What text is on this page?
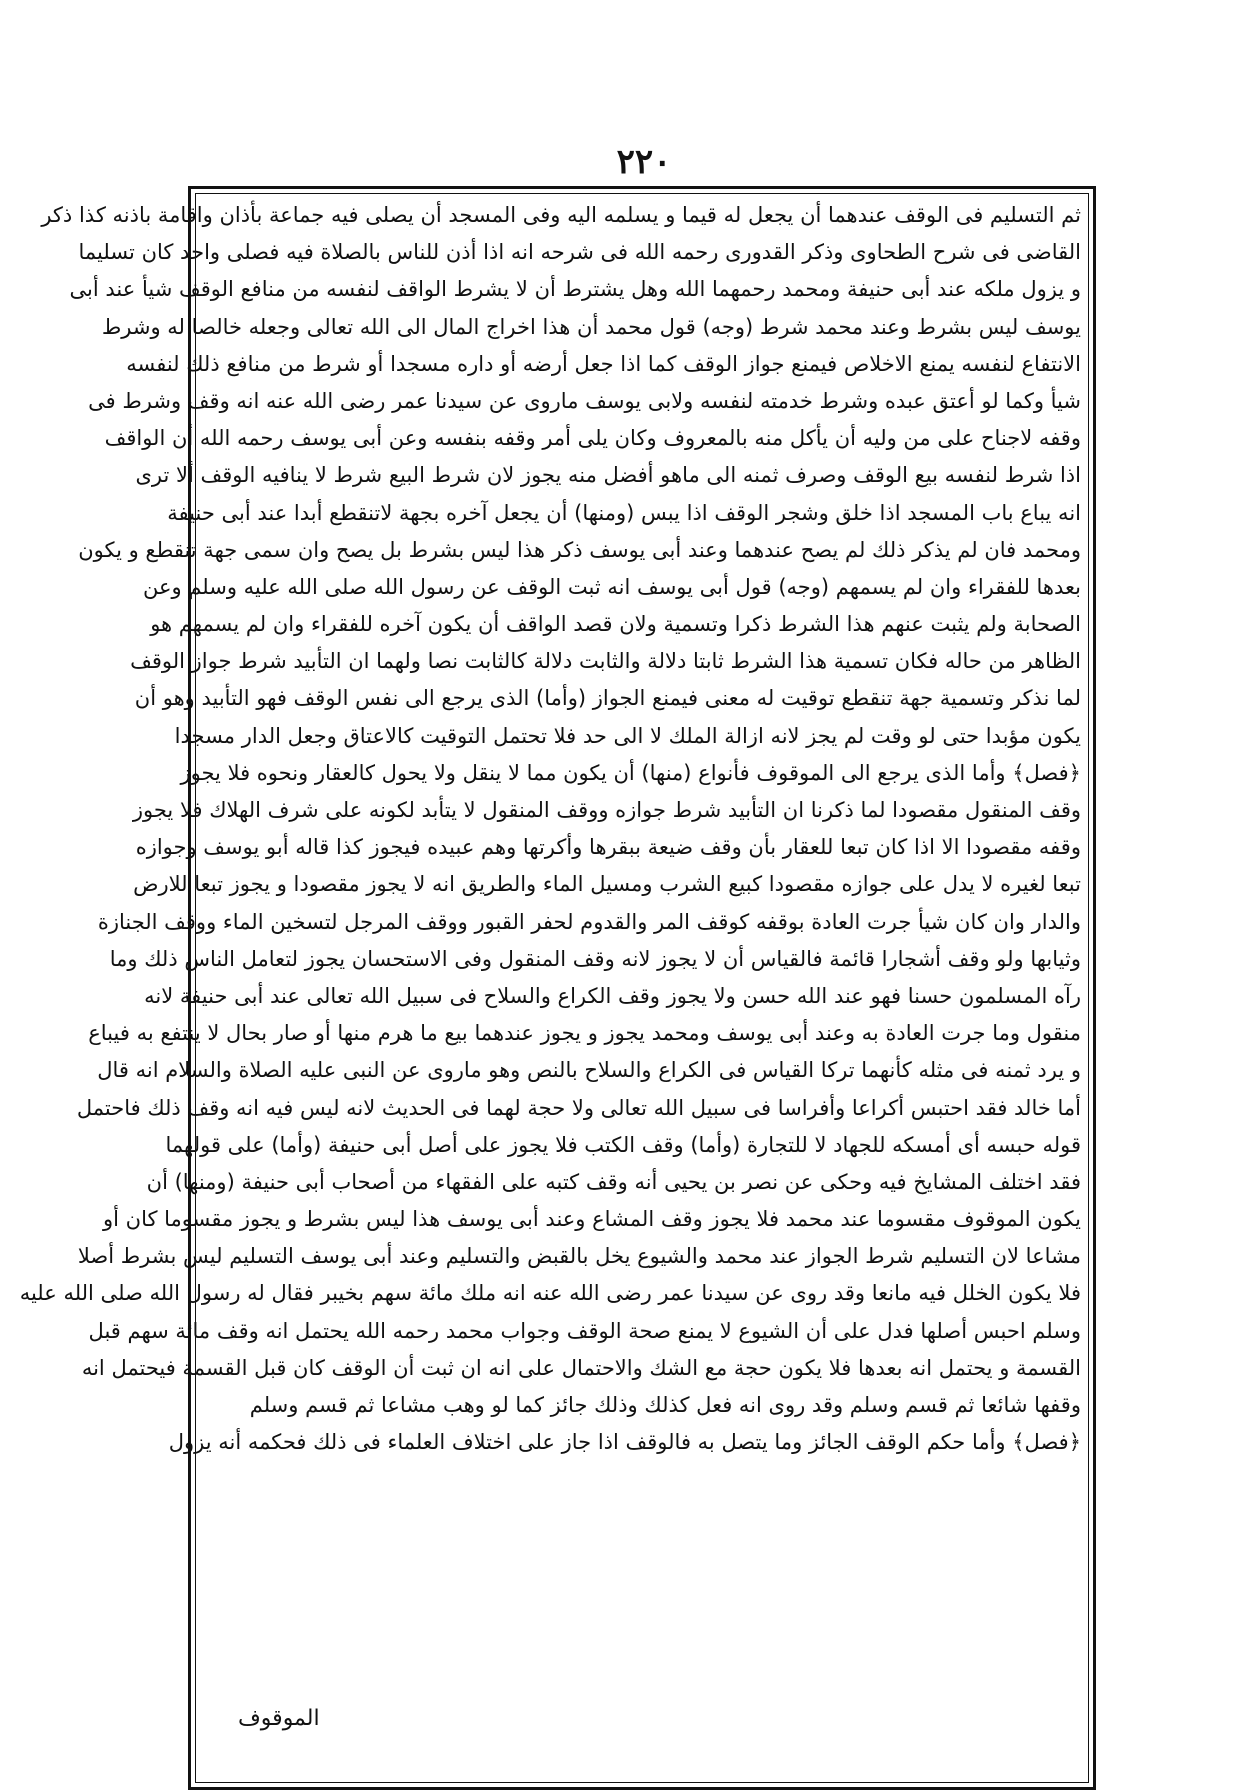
٢٢٠
ثم التسليم فى الوقف عندهما أن يجعل له قيما و يسلمه اليه وفى المسجد أن يصلى فيه جماعة بأذان واقامة باذنه كذا ذكر
القاضى فى شرح الطحاوى وذكر القدورى رحمه الله فى شرحه انه اذا أذن للناس بالصلاة فيه فصلى واحد كان تسليما
و يزول ملكه عند أبى حنيفة ومحمد رحمهما الله وهل يشترط أن لا يشرط الواقف لنفسه من منافع الوقف شيأ عند أبى
يوسف ليس بشرط وعند محمد شرط (وجه) قول محمد أن هذا اخراج المال الى الله تعالى وجعله خالصا له وشرط
الانتفاع لنفسه يمنع الاخلاص فيمنع جواز الوقف كما اذا جعل أرضه أو داره مسجدا أو شرط من منافع ذلك لنفسه
شيأ وكما لو أعتق عبده وشرط خدمته لنفسه ولابى يوسف ماروى عن سيدنا عمر رضى الله عنه انه وقف وشرط فى
وقفه لاجناح على من وليه أن يأكل منه بالمعروف وكان يلى أمر وقفه بنفسه وعن أبى يوسف رحمه الله أن الواقف
اذا شرط لنفسه بيع الوقف وصرف ثمنه الى ماهو أفضل منه يجوز لان شرط البيع شرط لا ينافيه الوقف ألا ترى
انه يباع باب المسجد اذا خلق وشجر الوقف اذا يبس (ومنها) أن يجعل آخره بجهة لاتنقطع أبدا عند أبى حنيفة
ومحمد فان لم يذكر ذلك لم يصح عندهما وعند أبى يوسف ذكر هذا ليس بشرط بل يصح وان سمى جهة تنقطع و يكون
بعدها للفقراء وان لم يسمهم (وجه) قول أبى يوسف انه ثبت الوقف عن رسول الله صلى الله عليه وسلم وعن
الصحابة ولم يثبت عنهم هذا الشرط ذكرا وتسمية ولان قصد الواقف أن يكون آخره للفقراء وان لم يسمهم هو
الظاهر من حاله فكان تسمية هذا الشرط ثابتا دلالة والثابت دلالة كالثابت نصا ولهما ان التأبيد شرط جواز الوقف
لما نذكر وتسمية جهة تنقطع توقيت له معنى فيمنع الجواز (وأما) الذى يرجع الى نفس الوقف فهو التأبيد وهو أن
يكون مؤبدا حتى لو وقت لم يجز لانه ازالة الملك لا الى حد فلا تحتمل التوقيت كالاعتاق وجعل الدار مسجدا
﴿فصل﴾ وأما الذى يرجع الى الموقوف فأنواع (منها) أن يكون مما لا ينقل ولا يحول كالعقار ونحوه فلا يجوز
وقف المنقول مقصودا لما ذكرنا ان التأبيد شرط جوازه ووقف المنقول لا يتأبد لكونه على شرف الهلاك فلا يجوز
وقفه مقصودا الا اذا كان تبعا للعقار بأن وقف ضيعة ببقرها وأكرتها وهم عبيده فيجوز كذا قاله أبو يوسف وجوازه
تبعا لغيره لا يدل على جوازه مقصودا كبيع الشرب ومسيل الماء والطريق انه لا يجوز مقصودا و يجوز تبعا للارض
والدار وان كان شيأ جرت العادة بوقفه كوقف المر والقدوم لحفر القبور ووقف المرجل لتسخين الماء ووقف الجنازة
وثيابها ولو وقف أشجارا قائمة فالقياس أن لا يجوز لانه وقف المنقول وفى الاستحسان يجوز لتعامل الناس ذلك وما
رآه المسلمون حسنا فهو عند الله حسن ولا يجوز وقف الكراع والسلاح فى سبيل الله تعالى عند أبى حنيفة لانه
منقول وما جرت العادة به وعند أبى يوسف ومحمد يجوز و يجوز عندهما بيع ما هرم منها أو صار بحال لا ينتفع به فيباع
و يرد ثمنه فى مثله كأنهما تركا القياس فى الكراع والسلاح بالنص وهو ماروى عن النبى عليه الصلاة والسلام انه قال
أما خالد فقد احتبس أكراعا وأفراسا فى سبيل الله تعالى ولا حجة لهما فى الحديث لانه ليس فيه انه وقف ذلك فاحتمل
قوله حبسه أى أمسكه للجهاد لا للتجارة (وأما) وقف الكتب فلا يجوز على أصل أبى حنيفة (وأما) على قولهما
فقد اختلف المشايخ فيه وحكى عن نصر بن يحيى أنه وقف كتبه على الفقهاء من أصحاب أبى حنيفة (ومنها) أن
يكون الموقوف مقسوما عند محمد فلا يجوز وقف المشاع وعند أبى يوسف هذا ليس بشرط و يجوز مقسوما كان أو
مشاعا لان التسليم شرط الجواز عند محمد والشيوع يخل بالقبض والتسليم وعند أبى يوسف التسليم ليس بشرط أصلا
فلا يكون الخلل فيه مانعا وقد روى عن سيدنا عمر رضى الله عنه انه ملك مائة سهم بخيبر فقال له رسول الله صلى الله عليه
وسلم احبس أصلها فدل على أن الشيوع لا يمنع صحة الوقف وجواب محمد رحمه الله يحتمل انه وقف مائة سهم قبل
القسمة و يحتمل انه بعدها فلا يكون حجة مع الشك والاحتمال على انه ان ثبت أن الوقف كان قبل القسمة فيحتمل انه
وقفها شائعا ثم قسم وسلم وقد روى انه فعل كذلك وذلك جائز كما لو وهب مشاعا ثم قسم وسلم
﴿فصل﴾ وأما حكم الوقف الجائز وما يتصل به فالوقف اذا جاز على اختلاف العلماء فى ذلك فحكمه أنه يزول
الموقوف
